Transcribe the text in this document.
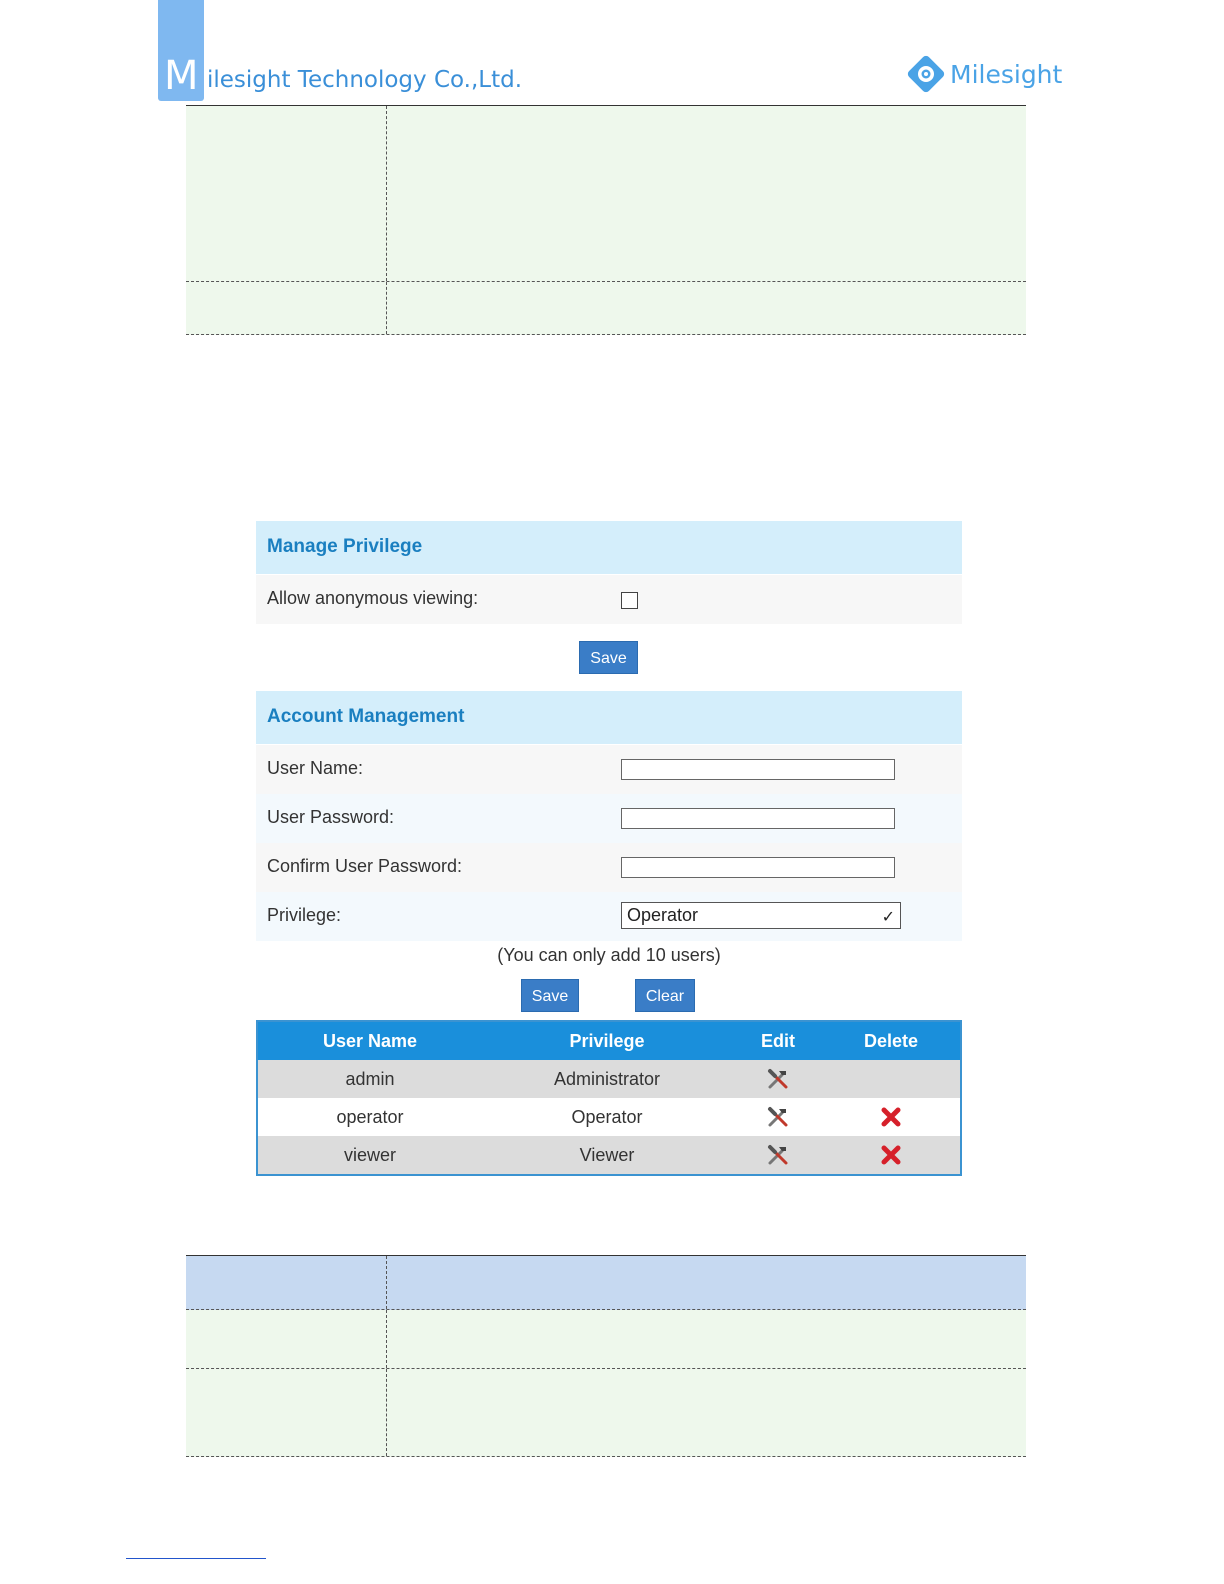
M ilesight Technology Co.,Ltd.	Milesight
Manage Privilege
Allow anonymous viewing:
Save
Account Management
User Name:
User Password:
Confirm User Password:
Privilege:	Operator	✓
(You can only add 10 users)
Save	Clear
User Name	Privilege	Edit	Delete
admin	Administrator
operator	Operator
viewer	Viewer
